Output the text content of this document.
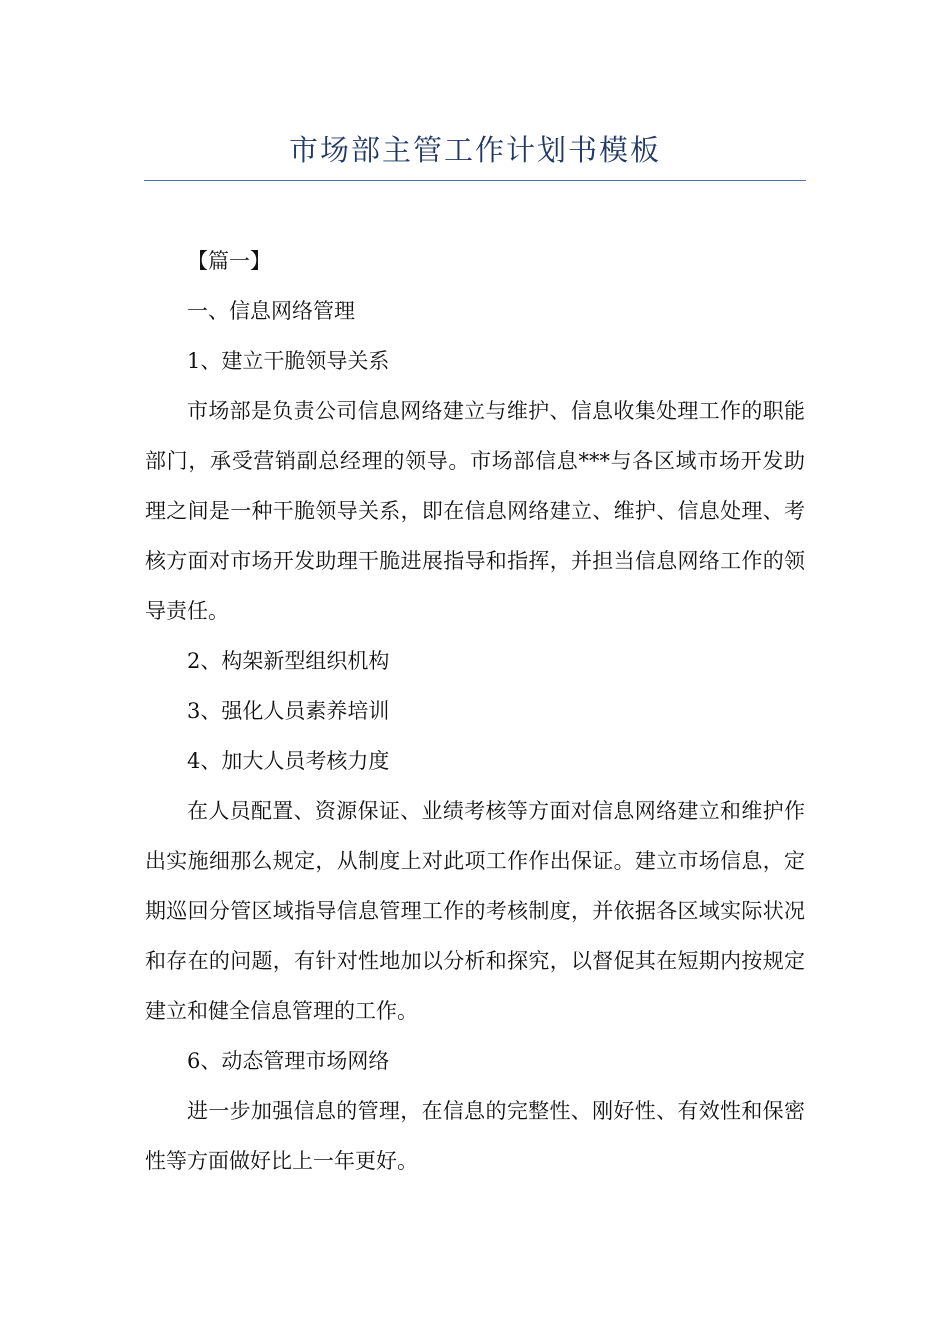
市场部主管工作计划书模板

【篇一】

一、信息网络管理

1、建立干脆领导关系

市场部是负责公司信息网络建立与维护、信息收集处理工作的职能部门，承受营销副总经理的领导。市场部信息***与各区域市场开发助理之间是一种干脆领导关系，即在信息网络建立、维护、信息处理、考核方面对市场开发助理干脆进展指导和指挥，并担当信息网络工作的领导责任。

2、构架新型组织机构

3、强化人员素养培训

4、加大人员考核力度

在人员配置、资源保证、业绩考核等方面对信息网络建立和维护作出实施细那么规定，从制度上对此项工作作出保证。建立市场信息，定期巡回分管区域指导信息管理工作的考核制度，并依据各区域实际状况和存在的问题，有针对性地加以分析和探究，以督促其在短期内按规定建立和健全信息管理的工作。

6、动态管理市场网络

进一步加强信息的管理，在信息的完整性、刚好性、有效性和保密性等方面做好比上一年更好。
